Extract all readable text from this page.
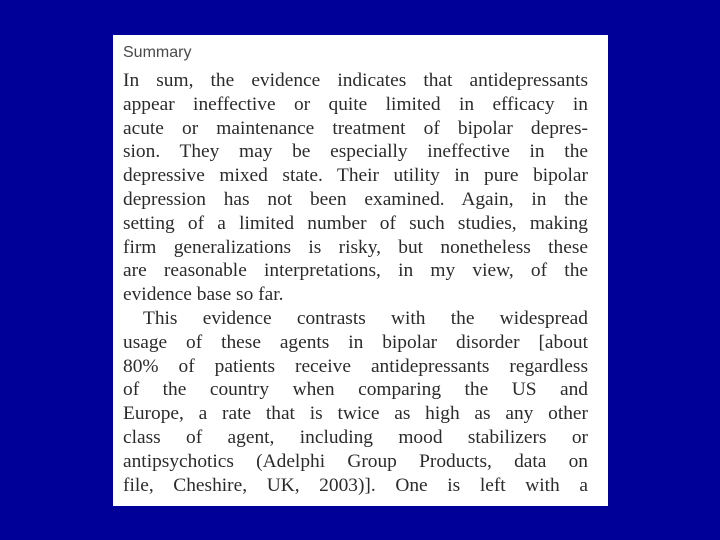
Summary
In sum, the evidence indicates that antidepressants
appear ineffective or quite limited in efficacy in
acute or maintenance treatment of bipolar depres-
sion. They may be especially ineffective in the
depressive mixed state. Their utility in pure bipolar
depression has not been examined. Again, in the
setting of a limited number of such studies, making
firm generalizations is risky, but nonetheless these
are reasonable interpretations, in my view, of the
evidence base so far.
This evidence contrasts with the widespread
usage of these agents in bipolar disorder [about
80% of patients receive antidepressants regardless
of the country when comparing the US and
Europe, a rate that is twice as high as any other
class of agent, including mood stabilizers or
antipsychotics (Adelphi Group Products, data on
file, Cheshire, UK, 2003)]. One is left with a
